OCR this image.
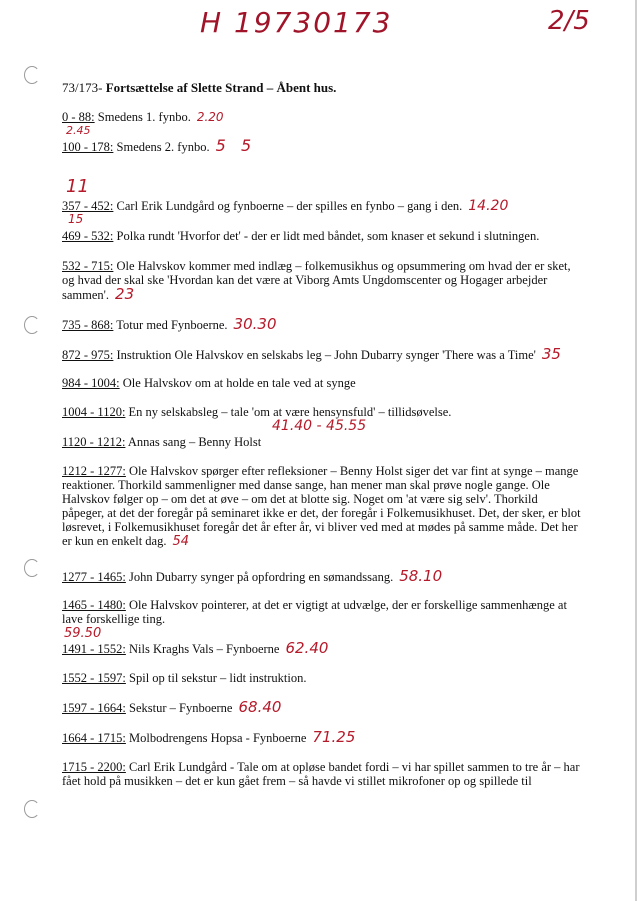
H 19730173	2/5
73/173- Fortsættelse af Slette Strand – Åbent hus.
2.45
11
15
59.50
0 - 88: Smedens 1. fynbo. 2.20
100 - 178: Smedens 2. fynbo. 5   5
357 - 452: Carl Erik Lundgård og fynboerne – der spilles en fynbo – gang i den. 14.20
469 - 532: Polka rundt 'Hvorfor det' - der er lidt med båndet, som knaser et sekund i slutningen.
532 - 715: Ole Halvskov kommer med indlæg – folkemusikhus og opsummering om hvad der er sket, og hvad der skal ske 'Hvordan kan det være at Viborg Amts Ungdomscenter og Hogager arbejder sammen'. 23
735 - 868: Totur med Fynboerne. 30.30
872 - 975: Instruktion Ole Halvskov en selskabs leg – John Dubarry synger 'There was a Time' 35
984 - 1004: Ole Halvskov om at holde en tale ved at synge
1004 - 1120: En ny selskabsleg – tale 'om at være hensynsfuld' – tillidsøvelse.
41.40 - 45.55
1120 - 1212: Annas sang – Benny Holst
1212 - 1277: Ole Halvskov spørger efter refleksioner – Benny Holst siger det var fint at synge – mange reaktioner. Thorkild sammenligner med danse sange, han mener man skal prøve nogle gange. Ole Halvskov følger op – om det at øve – om det at blotte sig. Noget om 'at være sig selv'. Thorkild påpeger, at det der foregår på seminaret ikke er det, der foregår i Folkemusikhuset. Det, der sker, er blot løsrevet, i Folkemusikhuset foregår det år efter år, vi bliver ved med at mødes på samme måde. Det her er kun en enkelt dag. 54
1277 - 1465: John Dubarry synger på opfordring en sømandssang. 58.10
1465 - 1480: Ole Halvskov pointerer, at det er vigtigt at udvælge, der er forskellige sammenhænge at lave forskellige ting.
1491 - 1552: Nils Kraghs Vals – Fynboerne 62.40
1552 - 1597: Spil op til sekstur – lidt instruktion.
1597 - 1664: Sekstur – Fynboerne 68.40
1664 - 1715: Molbodrengens Hopsa - Fynboerne 71.25
1715 - 2200: Carl Erik Lundgård - Tale om at opløse bandet fordi – vi har spillet sammen to tre år – har fået hold på musikken – det er kun gået frem – så havde vi stillet mikrofoner op og spillede til
